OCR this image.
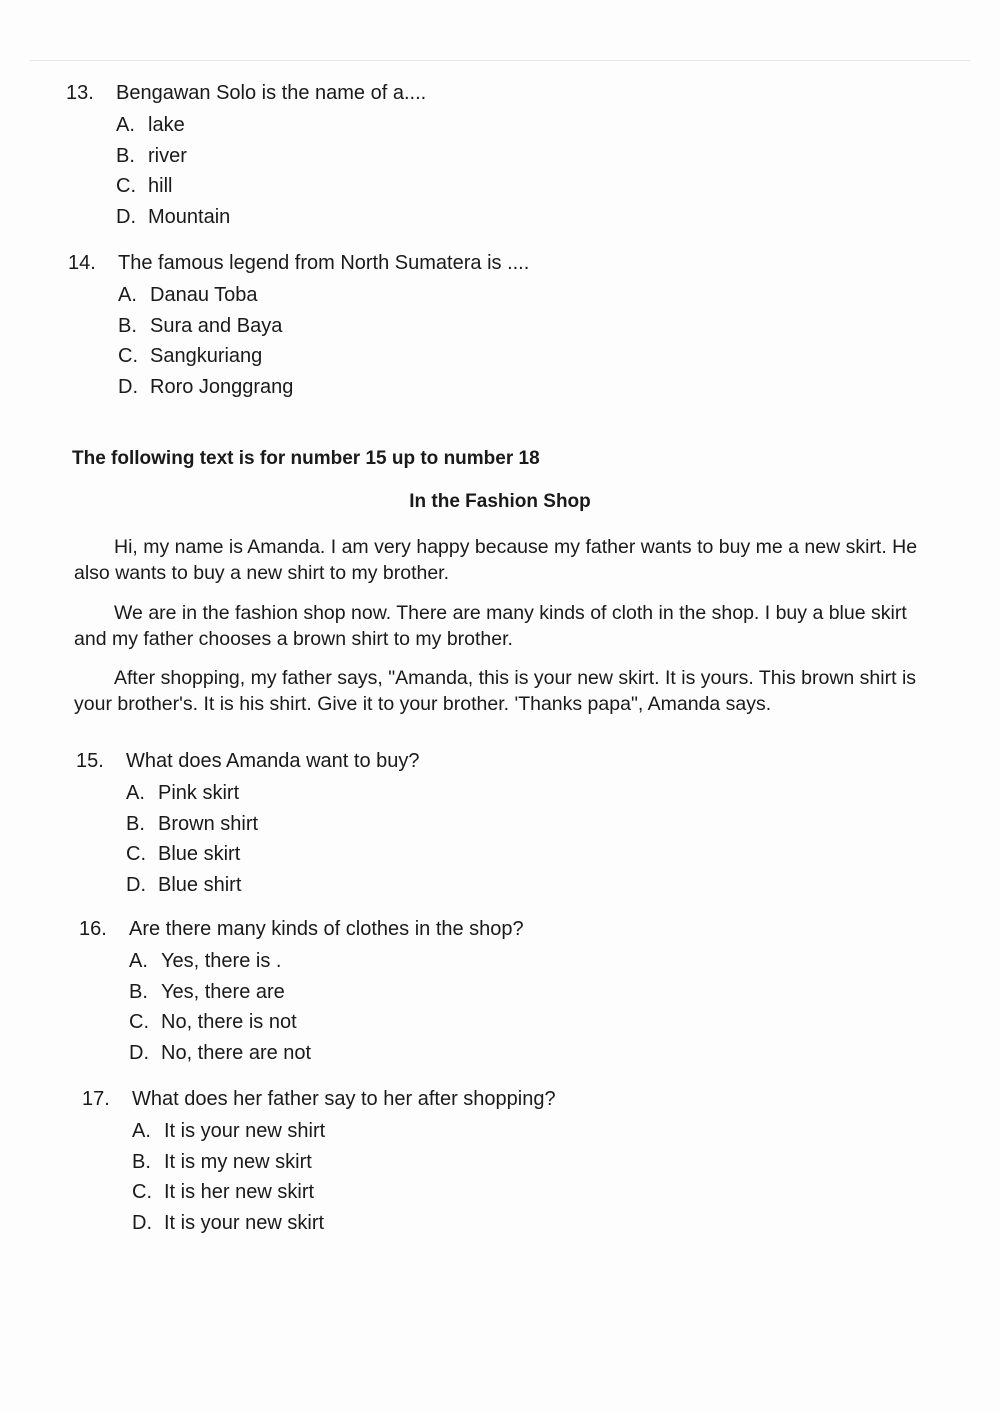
13.	Bengawan Solo is the name of a....
A. lake
B. river
C. hill
D. Mountain
14.	The famous legend from North Sumatera is ....
A. Danau Toba
B. Sura and Baya
C. Sangkuriang
D. Roro Jonggrang
The following text is for number 15 up to number 18
In the Fashion Shop

Hi, my name is Amanda. I am very happy because my father wants to buy me a new skirt. He also wants to buy a new shirt to my brother.

We are in the fashion shop now. There are many kinds of cloth in the shop. I buy a blue skirt and my father chooses a brown shirt to my brother.

After shopping, my father says, "Amanda, this is your new skirt. It is yours. This brown shirt is your brother's. It is his shirt. Give it to your brother. 'Thanks papa", Amanda says.

15.	What does Amanda want to buy?
A. Pink skirt
B. Brown shirt
C. Blue skirt
D. Blue shirt
16.	Are there many kinds of clothes in the shop?
A. Yes, there is .
B. Yes, there are
C. No, there is not
D. No, there are not
17.	What does her father say to her after shopping?
A. It is your new shirt
B. It is my new skirt
C. It is her new skirt
D. It is your new skirt
